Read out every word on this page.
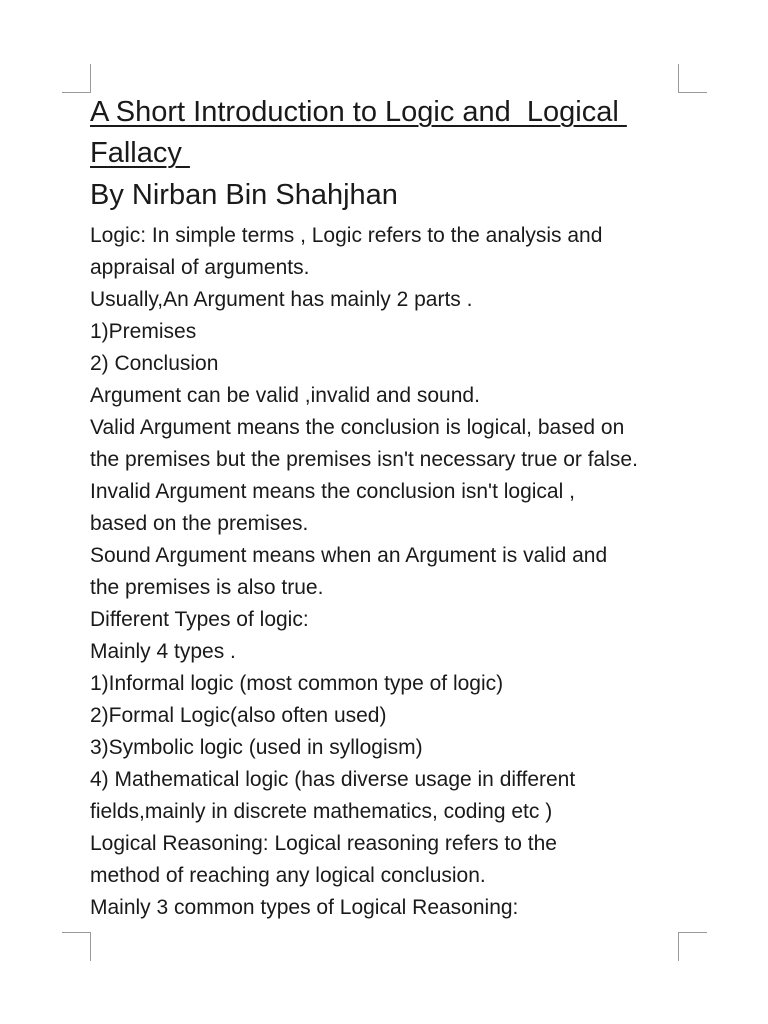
A Short Introduction to Logic and  Logical
Fallacy
By Nirban Bin Shahjhan

Logic: In simple terms , Logic refers to the analysis and

appraisal of arguments.

Usually,An Argument has mainly 2 parts .

1)Premises

2) Conclusion

Argument can be valid ,invalid and sound.

Valid Argument means the conclusion is logical, based on

the premises but the premises isn't necessary true or false.

Invalid Argument means the conclusion isn't logical ,

based on the premises.

Sound Argument means when an Argument is valid and

the premises is also true.

Different Types of logic:

Mainly 4 types .

1)Informal logic (most common type of logic)

2)Formal Logic(also often used)

3)Symbolic logic (used in syllogism)

4) Mathematical logic (has diverse usage in different

fields,mainly in discrete mathematics, coding etc )

Logical Reasoning: Logical reasoning refers to the

method of reaching any logical conclusion.

Mainly 3 common types of Logical Reasoning:
